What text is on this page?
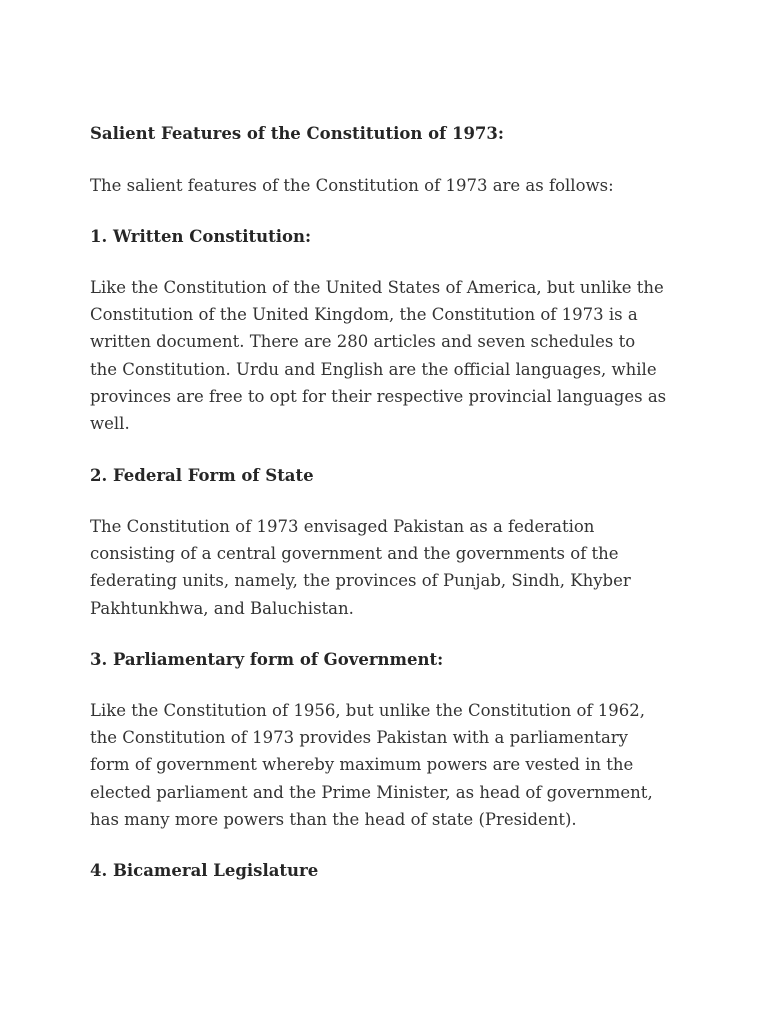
Salient Features of the Constitution of 1973:

The salient features of the Constitution of 1973 are as follows:

1. Written Constitution:

Like the Constitution of the United States of America, but unlike the
Constitution of the United Kingdom, the Constitution of 1973 is a
written document. There are 280 articles and seven schedules to
the Constitution. Urdu and English are the official languages, while
provinces are free to opt for their respective provincial languages as
well.

2. Federal Form of State

The Constitution of 1973 envisaged Pakistan as a federation
consisting of a central government and the governments of the
federating units, namely, the provinces of Punjab, Sindh, Khyber
Pakhtunkhwa, and Baluchistan.

3. Parliamentary form of Government:

Like the Constitution of 1956, but unlike the Constitution of 1962,
the Constitution of 1973 provides Pakistan with a parliamentary
form of government whereby maximum powers are vested in the
elected parliament and the Prime Minister, as head of government,
has many more powers than the head of state (President).

4. Bicameral Legislature
